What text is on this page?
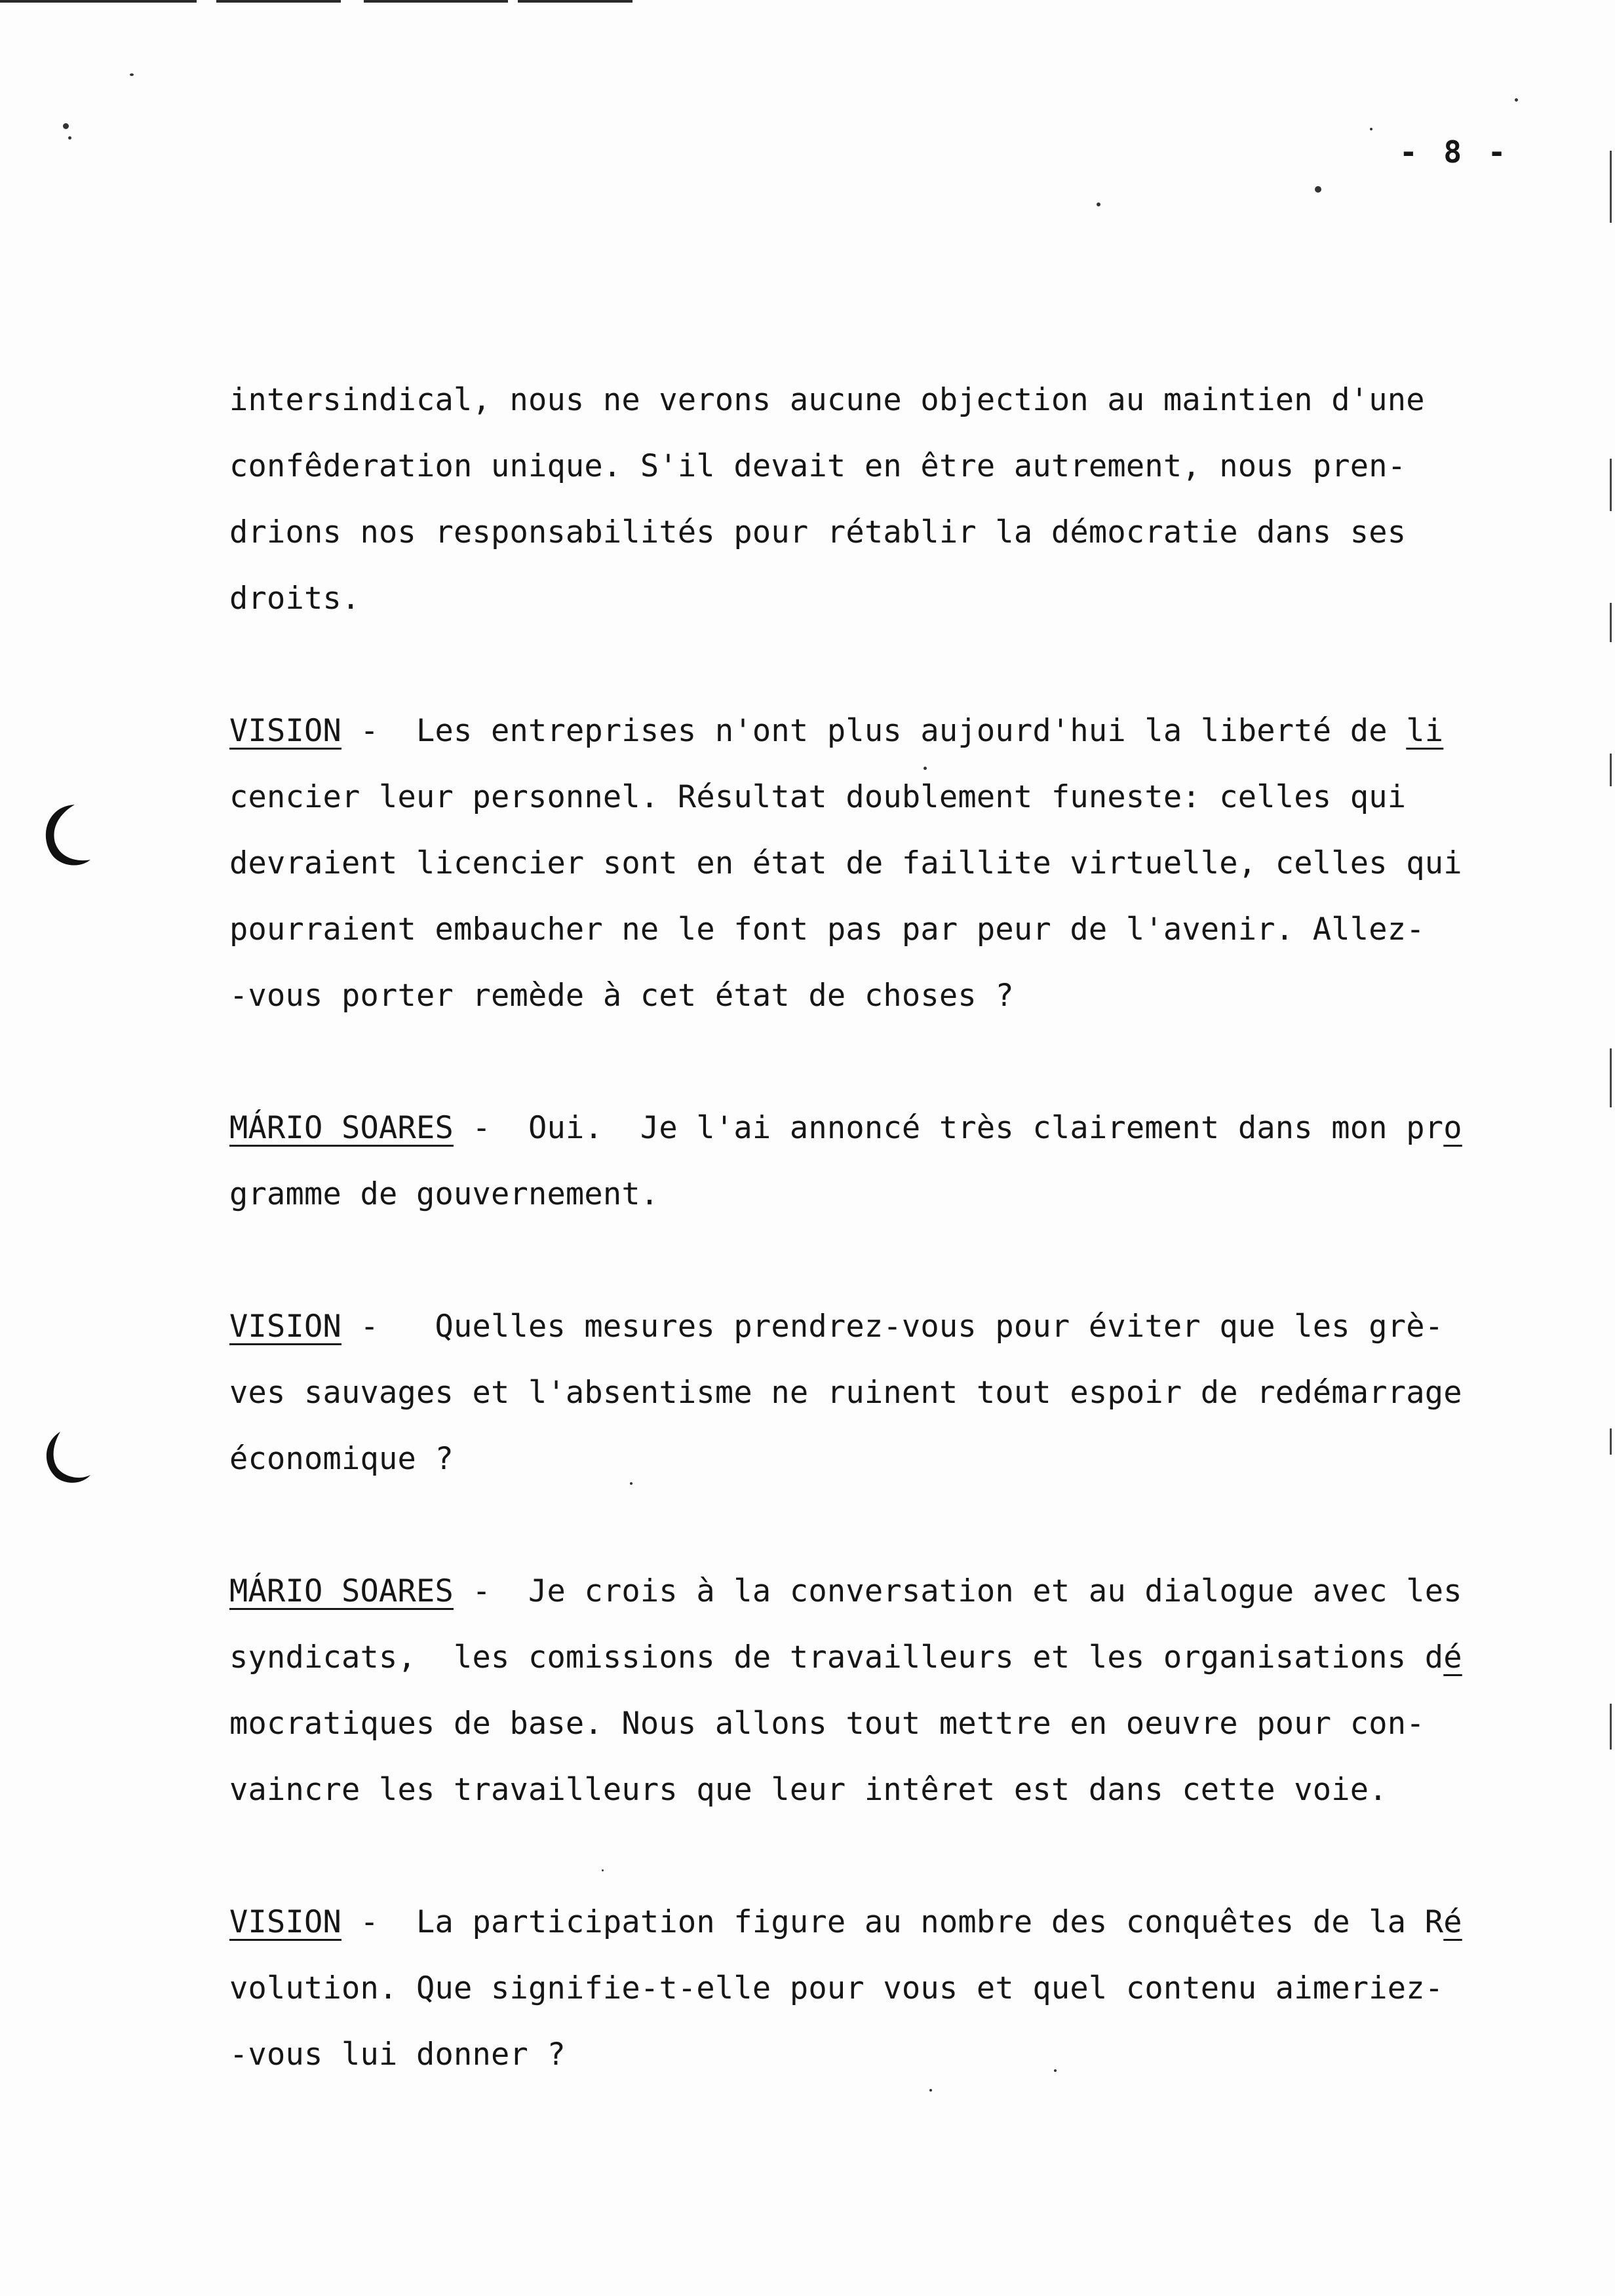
- 8 -
intersindical, nous ne verons aucune objection au maintien d'une
confêderation unique. S'il devait en être autrement, nous pren-
drions nos responsabilités pour rétablir la démocratie dans ses
droits.
VISION -  Les entreprises n'ont plus aujourd'hui la liberté de li
cencier leur personnel. Résultat doublement funeste: celles qui
devraient licencier sont en état de faillite virtuelle, celles qui
pourraient embaucher ne le font pas par peur de l'avenir. Allez-
-vous porter remède à cet état de choses ?
MÁRIO SOARES -  Oui.  Je l'ai annoncé très clairement dans mon pro
gramme de gouvernement.
VISION -   Quelles mesures prendrez-vous pour éviter que les grè-
ves sauvages et l'absentisme ne ruinent tout espoir de redémarrage
économique ?
MÁRIO SOARES -  Je crois à la conversation et au dialogue avec les
syndicats,  les comissions de travailleurs et les organisations dé
mocratiques de base. Nous allons tout mettre en oeuvre pour con-
vaincre les travailleurs que leur intêret est dans cette voie.
VISION -  La participation figure au nombre des conquêtes de la Ré
volution. Que signifie-t-elle pour vous et quel contenu aimeriez-
-vous lui donner ?
